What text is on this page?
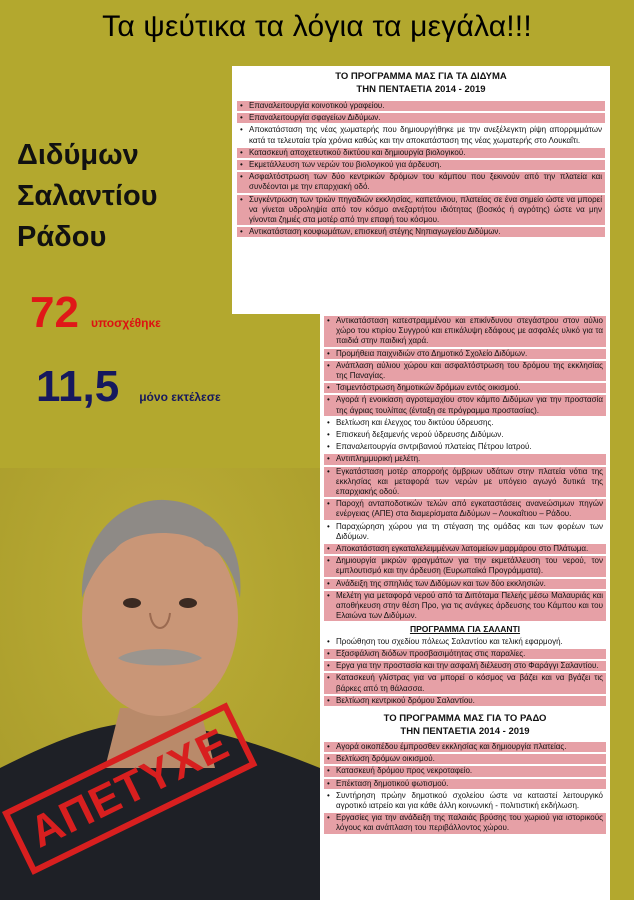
Τα ψεύτικα τα λόγια τα μεγάλα!!!
Διδύμων
Σαλαντίου
Ράδου
72 υποσχέθηκε
11,5 μόνο εκτέλεσε
ΤΟ ΠΡΟΓΡΑΜΜΑ ΜΑΣ ΓΙΑ ΤΑ ΔΙΔΥΜΑ
ΤΗΝ ΠΕΝΤΑΕΤΙΑ 2014 - 2019
• Επαναλειτουργία κοινοτικού γραφείου.
• Επαναλειτουργία σφαγείων Διδύμων.
• Αποκατάσταση της νέας χωματερής που δημιουργήθηκε με την ανεξέλεγκτη ρίψη απορριμμάτων κατά τα τελευταία τρία χρόνια καθώς και την αποκατάσταση της νέας χωματερής στο Λουκαΐτι.
• Κατασκευή αποχετευτικού δικτύου και δημιουργία βιολογικού.
• Εκμετάλλευση των νερών του βιολογικού για άρδευση.
• Ασφαλτόστρωση των δύο κεντρικών δρόμων του κάμπου που ξεκινούν από την πλατεία και συνδέονται με την επαρχιακή οδό.
• Συγκέντρωση των τριών πηγαδιών εκκλησίας, καπετάνιου, πλατείας σε ένα σημείο ώστε να μπορεί να γίνεται υδροληψία από τον κόσμο ανεξαρτήτου ιδιότητας (βοσκός ή αγρότης) ώστε να μην γίνονται ζημιές στα μοτέρ από την επαφή του κόσμου.
• Αντικατάσταση κουφωμάτων, επισκευή στέγης Νηπιαγωγείου Διδύμων.
• Αντικατάσταση κατεστραμμένου και επικίνδυνου στεγάστρου στον αύλιο χώρο του κτιρίου Συγγρού και επικάλυψη εδάφους με ασφαλές υλικό για τα παιδιά στην παιδική χαρά.
• Προμήθεια παιχνιδιών στο Δημοτικό Σχολείο Διδύμων.
• Ανάπλαση αύλιου χώρου και ασφαλτόστρωση του δρόμου της εκκλησίας της Παναγίας.
• Τσιμεντόστρωση δημοτικών δρόμων εντός οικισμού.
• Αγορά ή ενοικίαση αγροτεμαχίου στον κάμπο Διδύμων για την προστασία της άγριας τουλίπας (ένταξη σε πρόγραμμα προστασίας).
• Βελτίωση και έλεγχος του δικτύου ύδρευσης.
• Επισκευή δεξαμενής νερού ύδρευσης Διδύμων.
• Επαναλειτουργία σιντριβανιού πλατείας Πέτρου Ιατρού.
• Αντιπλημμυρική μελέτη.
• Εγκατάσταση μοτέρ απορροής όμβριων υδάτων στην πλατεία νότια της εκκλησίας και μεταφορά των νερών με υπόγειο αγωγό δυτικά της επαρχιακής οδού.
• Παροχή ανταποδοτικών τελών από εγκαταστάσεις ανανεώσιμων πηγών ενέργειας (ΑΠΕ) στα διαμερίσματα Διδύμων – Λουκαΐτιου – Ράδου.
• Παραχώρηση χώρου για τη στέγαση της ομάδας και των φορέων των Διδύμων.
• Αποκατάσταση εγκαταλελειμμένων λατομείων μαρμάρου στο Πλάτωμα.
• Δημιουργία μικρών φραγμάτων για την εκμετάλλευση του νερού, τον εμπλουτισμό και την άρδευση (Ευρωπαϊκά Προγράμματα).
• Ανάδειξη της σπηλιάς των Διδύμων και των δύο εκκλησιών.
• Μελέτη για μεταφορά νερού από τα Διπόταμα Πελεής μέσω Μαλαυριάς και αποθήκευση στην θέση Προ, για τις ανάγκες άρδευσης του Κάμπου και του Ελαιώνα των Διδύμων.
ΠΡΟΓΡΑΜΜΑ ΓΙΑ ΣΑΛΑΝΤΙ
• Προώθηση του σχεδίου πόλεως Σαλαντίου και τελική εφαρμογή.
• Εξασφάλιση διόδων προσβασιμότητας στις παραλίες.
• Εργα για την προστασία και την ασφαλή διέλευση στο Φαράγγι Σαλαντίου.
• Κατασκευή γλίστρας για να μπορεί ο κόσμος να βάζει και να βγάζει τις βάρκες από τη θάλασσα.
• Βελτίωση κεντρικού δρόμου Σαλαντίου.
ΤΟ ΠΡΟΓΡΑΜΜΑ ΜΑΣ ΓΙΑ ΤΟ ΡΑΔΟ
ΤΗΝ ΠΕΝΤΑΕΤΙΑ 2014 - 2019
• Αγορά οικοπέδου έμπροσθεν εκκλησίας και δημιουργία πλατείας.
• Βελτίωση δρόμων οικισμού.
• Κατασκευή δρόμου προς νεκροταφείο.
• Επέκταση δημοτικού φωτισμού.
• Συντήρηση πρώην δημοτικού σχολείου ώστε να καταστεί λειτουργικό αγροτικό ιατρείο και για κάθε άλλη κοινωνική - πολιτιστική εκδήλωση.
• Εργασίες για την ανάδειξη της παλαιάς βρύσης του χωριού για ιστορικούς λόγους και ανάπλαση του περιβάλλοντος χώρου.
ΑΠΕΤΥΧΕ
